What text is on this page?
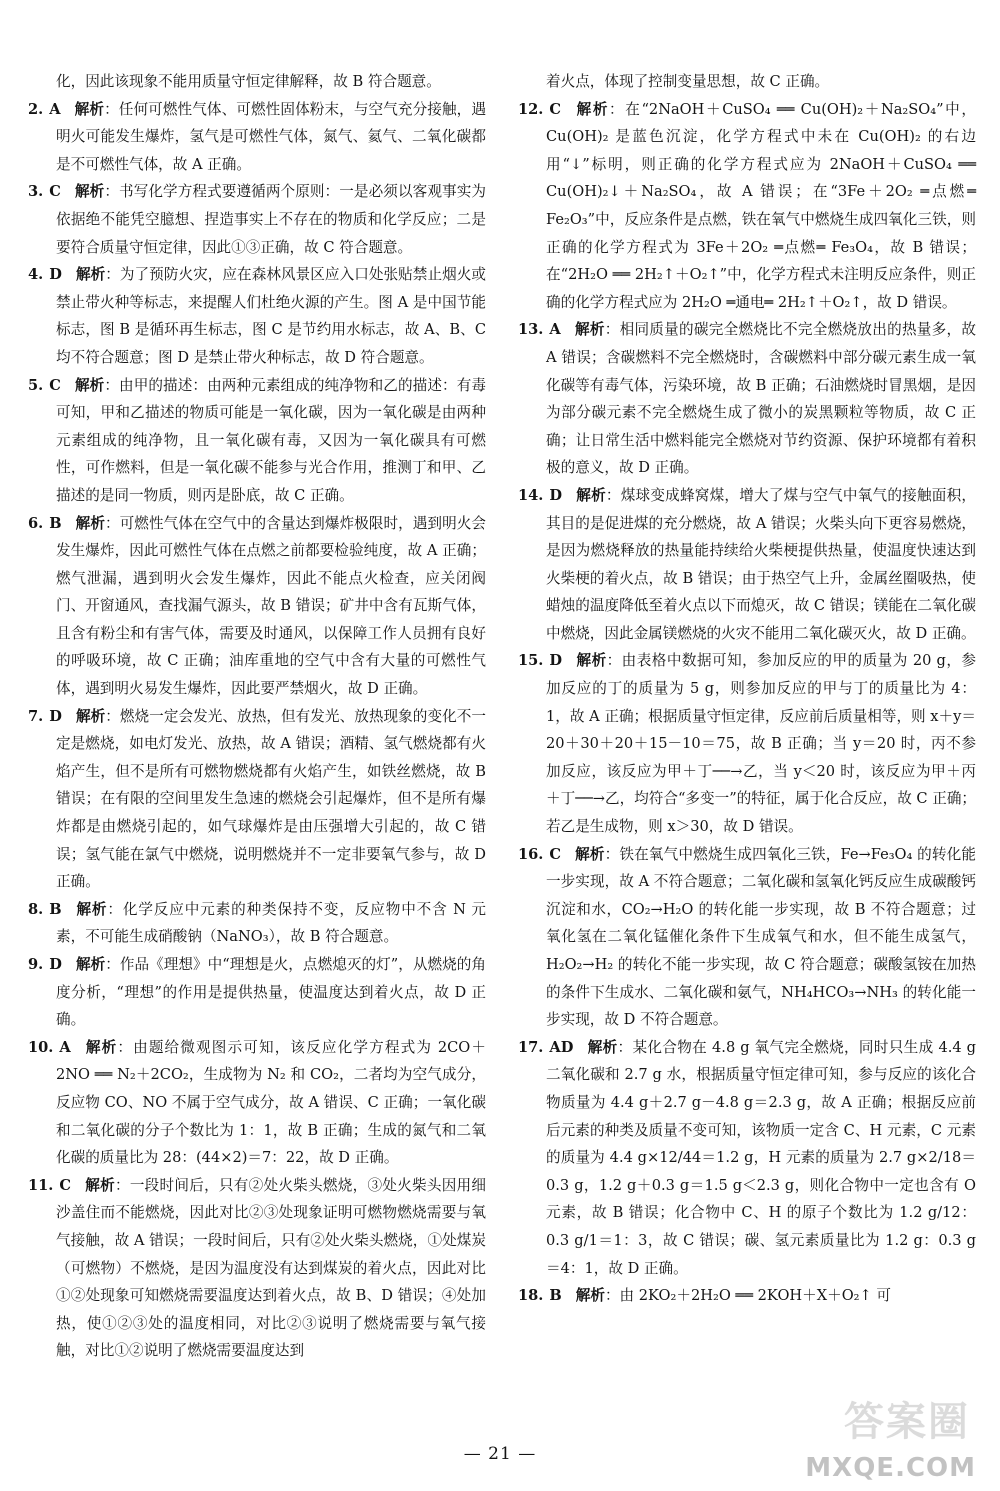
化，因此该现象不能用质量守恒定律解释，故 B 符合题意。
2. A 解析：任何可燃性气体、可燃性固体粉末，与空气充分接触，遇明火可能发生爆炸，氢气是可燃性气体，氮气、氦气、二氧化碳都是不可燃性气体，故 A 正确。
3. C 解析：书写化学方程式要遵循两个原则：一是必须以客观事实为依据绝不能凭空臆想、捏造事实上不存在的物质和化学反应；二是要符合质量守恒定律，因此①③正确，故 C 符合题意。
4. D 解析：为了预防火灾，应在森林风景区应入口处张贴禁止烟火或禁止带火种等标志，来提醒人们杜绝火源的产生。图 A 是中国节能标志，图 B 是循环再生标志，图 C 是节约用水标志，故 A、B、C 均不符合题意；图 D 是禁止带火种标志，故 D 符合题意。
5. C 解析：由甲的描述：由两种元素组成的纯净物和乙的描述：有毒可知，甲和乙描述的物质可能是一氧化碳，因为一氧化碳是由两种元素组成的纯净物，且一氧化碳有毒，又因为一氧化碳具有可燃性，可作燃料，但是一氧化碳不能参与光合作用，推测丁和甲、乙描述的是同一物质，则丙是卧底，故 C 正确。
6. B 解析：可燃性气体在空气中的含量达到爆炸极限时，遇到明火会发生爆炸，因此可燃性气体在点燃之前都要检验纯度，故 A 正确；燃气泄漏，遇到明火会发生爆炸，因此不能点火检查，应关闭阀门、开窗通风，查找漏气源头，故 B 错误；矿井中含有瓦斯气体，且含有粉尘和有害气体，需要及时通风，以保障工作人员拥有良好的呼吸环境，故 C 正确；油库重地的空气中含有大量的可燃性气体，遇到明火易发生爆炸，因此要严禁烟火，故 D 正确。
7. D 解析：燃烧一定会发光、放热，但有发光、放热现象的变化不一定是燃烧，如电灯发光、放热，故 A 错误；酒精、氢气燃烧都有火焰产生，但不是所有可燃物燃烧都有火焰产生，如铁丝燃烧，故 B 错误；在有限的空间里发生急速的燃烧会引起爆炸，但不是所有爆炸都是由燃烧引起的，如气球爆炸是由压强增大引起的，故 C 错误；氢气能在氯气中燃烧，说明燃烧并不一定非要氧气参与，故 D 正确。
8. B 解析：化学反应中元素的种类保持不变，反应物中不含 N 元素，不可能生成硝酸钠（NaNO₃），故 B 符合题意。
9. D 解析：作品《理想》中“理想是火，点燃熄灭的灯”，从燃烧的角度分析，“理想”的作用是提供热量，使温度达到着火点，故 D 正确。
10. A 解析：由题给微观图示可知，该反应化学方程式为 2CO＋2NO ══ N₂＋2CO₂，生成物为 N₂ 和 CO₂，二者均为空气成分，反应物 CO、NO 不属于空气成分，故 A 错误、C 正确；一氧化碳和二氧化碳的分子个数比为 1：1，故 B 正确；生成的氮气和二氧化碳的质量比为 28：(44×2)＝7：22，故 D 正确。
11. C 解析：一段时间后，只有②处火柴头燃烧，③处火柴头因用细沙盖住而不能燃烧，因此对比②③处现象证明可燃物燃烧需要与氧气接触，故 A 错误；一段时间后，只有②处火柴头燃烧，①处煤炭（可燃物）不燃烧，是因为温度没有达到煤炭的着火点，因此对比①②处现象可知燃烧需要温度达到着火点，故 B、D 错误；④处加热，使①②③处的温度相同，对比②③说明了燃烧需要与氧气接触，对比①②说明了燃烧需要温度达到
着火点，体现了控制变量思想，故 C 正确。
12. C 解析：在“2NaOH＋CuSO₄ ══ Cu(OH)₂＋Na₂SO₄”中，Cu(OH)₂ 是蓝色沉淀，化学方程式中未在 Cu(OH)₂ 的右边用“↓”标明，则正确的化学方程式应为 2NaOH＋CuSO₄ ══ Cu(OH)₂↓＋Na₂SO₄，故 A 错误；在“3Fe＋2O₂ ═点燃═ Fe₂O₃”中，反应条件是点燃，铁在氧气中燃烧生成四氧化三铁，则正确的化学方程式为 3Fe＋2O₂ ═点燃═ Fe₃O₄，故 B 错误；在“2H₂O ══ 2H₂↑＋O₂↑”中，化学方程式未注明反应条件，则正确的化学方程式应为 2H₂O ═通电═ 2H₂↑＋O₂↑，故 D 错误。
13. A 解析：相同质量的碳完全燃烧比不完全燃烧放出的热量多，故 A 错误；含碳燃料不完全燃烧时，含碳燃料中部分碳元素生成一氧化碳等有毒气体，污染环境，故 B 正确；石油燃烧时冒黑烟，是因为部分碳元素不完全燃烧生成了微小的炭黑颗粒等物质，故 C 正确；让日常生活中燃料能完全燃烧对节约资源、保护环境都有着积极的意义，故 D 正确。
14. D 解析：煤球变成蜂窝煤，增大了煤与空气中氧气的接触面积，其目的是促进煤的充分燃烧，故 A 错误；火柴头向下更容易燃烧，是因为燃烧释放的热量能持续给火柴梗提供热量，使温度快速达到火柴梗的着火点，故 B 错误；由于热空气上升，金属丝圈吸热，使蜡烛的温度降低至着火点以下而熄灭，故 C 错误；镁能在二氧化碳中燃烧，因此金属镁燃烧的火灾不能用二氧化碳灭火，故 D 正确。
15. D 解析：由表格中数据可知，参加反应的甲的质量为 20 g，参加反应的丁的质量为 5 g，则参加反应的甲与丁的质量比为 4：1，故 A 正确；根据质量守恒定律，反应前后质量相等，则 x＋y＝20＋30＋20＋15－10＝75，故 B 正确；当 y＝20 时，丙不参加反应，该反应为甲＋丁──→乙，当 y＜20 时，该反应为甲＋丙＋丁──→乙，均符合“多变一”的特征，属于化合反应，故 C 正确；若乙是生成物，则 x＞30，故 D 错误。
16. C 解析：铁在氧气中燃烧生成四氧化三铁，Fe→Fe₃O₄ 的转化能一步实现，故 A 不符合题意；二氧化碳和氢氧化钙反应生成碳酸钙沉淀和水，CO₂→H₂O 的转化能一步实现，故 B 不符合题意；过氧化氢在二氧化锰催化条件下生成氧气和水，但不能生成氢气，H₂O₂→H₂ 的转化不能一步实现，故 C 符合题意；碳酸氢铵在加热的条件下生成水、二氧化碳和氨气，NH₄HCO₃→NH₃ 的转化能一步实现，故 D 不符合题意。
17. AD 解析：某化合物在 4.8 g 氧气完全燃烧，同时只生成 4.4 g 二氧化碳和 2.7 g 水，根据质量守恒定律可知，参与反应的该化合物质量为 4.4 g＋2.7 g－4.8 g＝2.3 g，故 A 正确；根据反应前后元素的种类及质量不变可知，该物质一定含 C、H 元素，C 元素的质量为 4.4 g×12/44＝1.2 g，H 元素的质量为 2.7 g×2/18＝0.3 g，1.2 g＋0.3 g＝1.5 g＜2.3 g，则化合物中一定也含有 O 元素，故 B 错误；化合物中 C、H 的原子个数比为 1.2 g/12：0.3 g/1＝1：3，故 C 错误；碳、氢元素质量比为 1.2 g：0.3 g＝4：1，故 D 正确。
18. B 解析：由 2KO₂＋2H₂O ══ 2KOH＋X＋O₂↑ 可
— 21 —
答案圈
MXQE.COM
